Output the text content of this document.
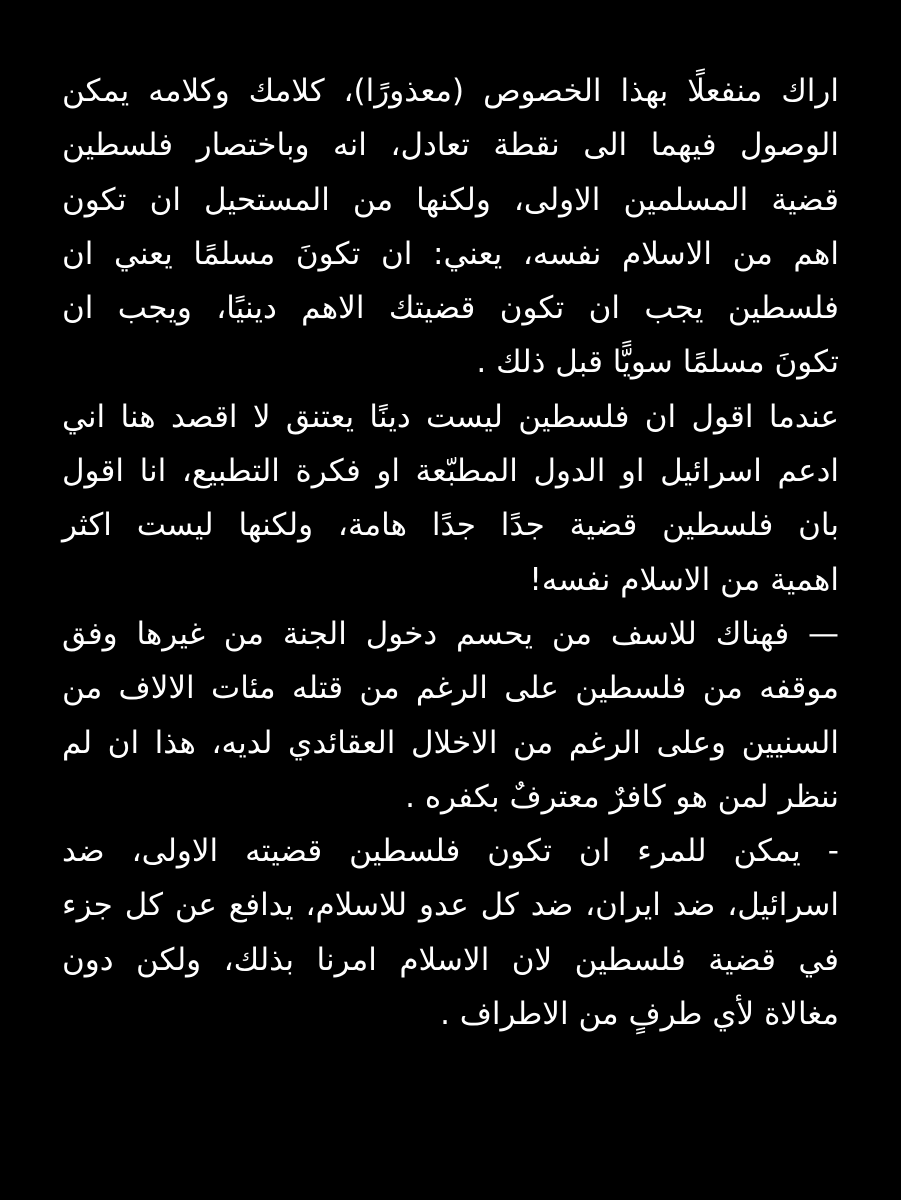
اراك منفعلًا بهذا الخصوص (معذورًا)، كلامك وكلامه يمكن
الوصول فيهما الى نقطة تعادل، انه وباختصار فلسطين
قضية المسلمين الاولى، ولكنها من المستحيل ان تكون
اهم من الاسلام نفسه، يعني: ان تكونَ مسلمًا يعني ان
فلسطين يجب ان تكون قضيتك الاهم دينيًا، ويجب ان
تكونَ مسلمًا سويًّا قبل ذلك .
عندما اقول ان فلسطين ليست دينًا يعتنق لا اقصد هنا اني
ادعم اسرائيل او الدول المطبّعة او فكرة التطبيع، انا اقول
بان فلسطين قضية جدًا جدًا هامة، ولكنها ليست اكثر
اهمية من الاسلام نفسه!
— فهناك للاسف من يحسم دخول الجنة من غيرها وفق
موقفه من فلسطين على الرغم من قتله مئات الالاف من
السنيين وعلى الرغم من الاخلال العقائدي لديه، هذا ان لم
ننظر لمن هو كافرٌ معترفٌ بكفره .
- يمكن للمرء ان تكون فلسطين قضيته الاولى، ضد
اسرائيل، ضد ايران، ضد كل عدو للاسلام، يدافع عن كل جزء
في قضية فلسطين لان الاسلام امرنا بذلك، ولكن دون
مغالاة لأي طرفٍ من الاطراف .
